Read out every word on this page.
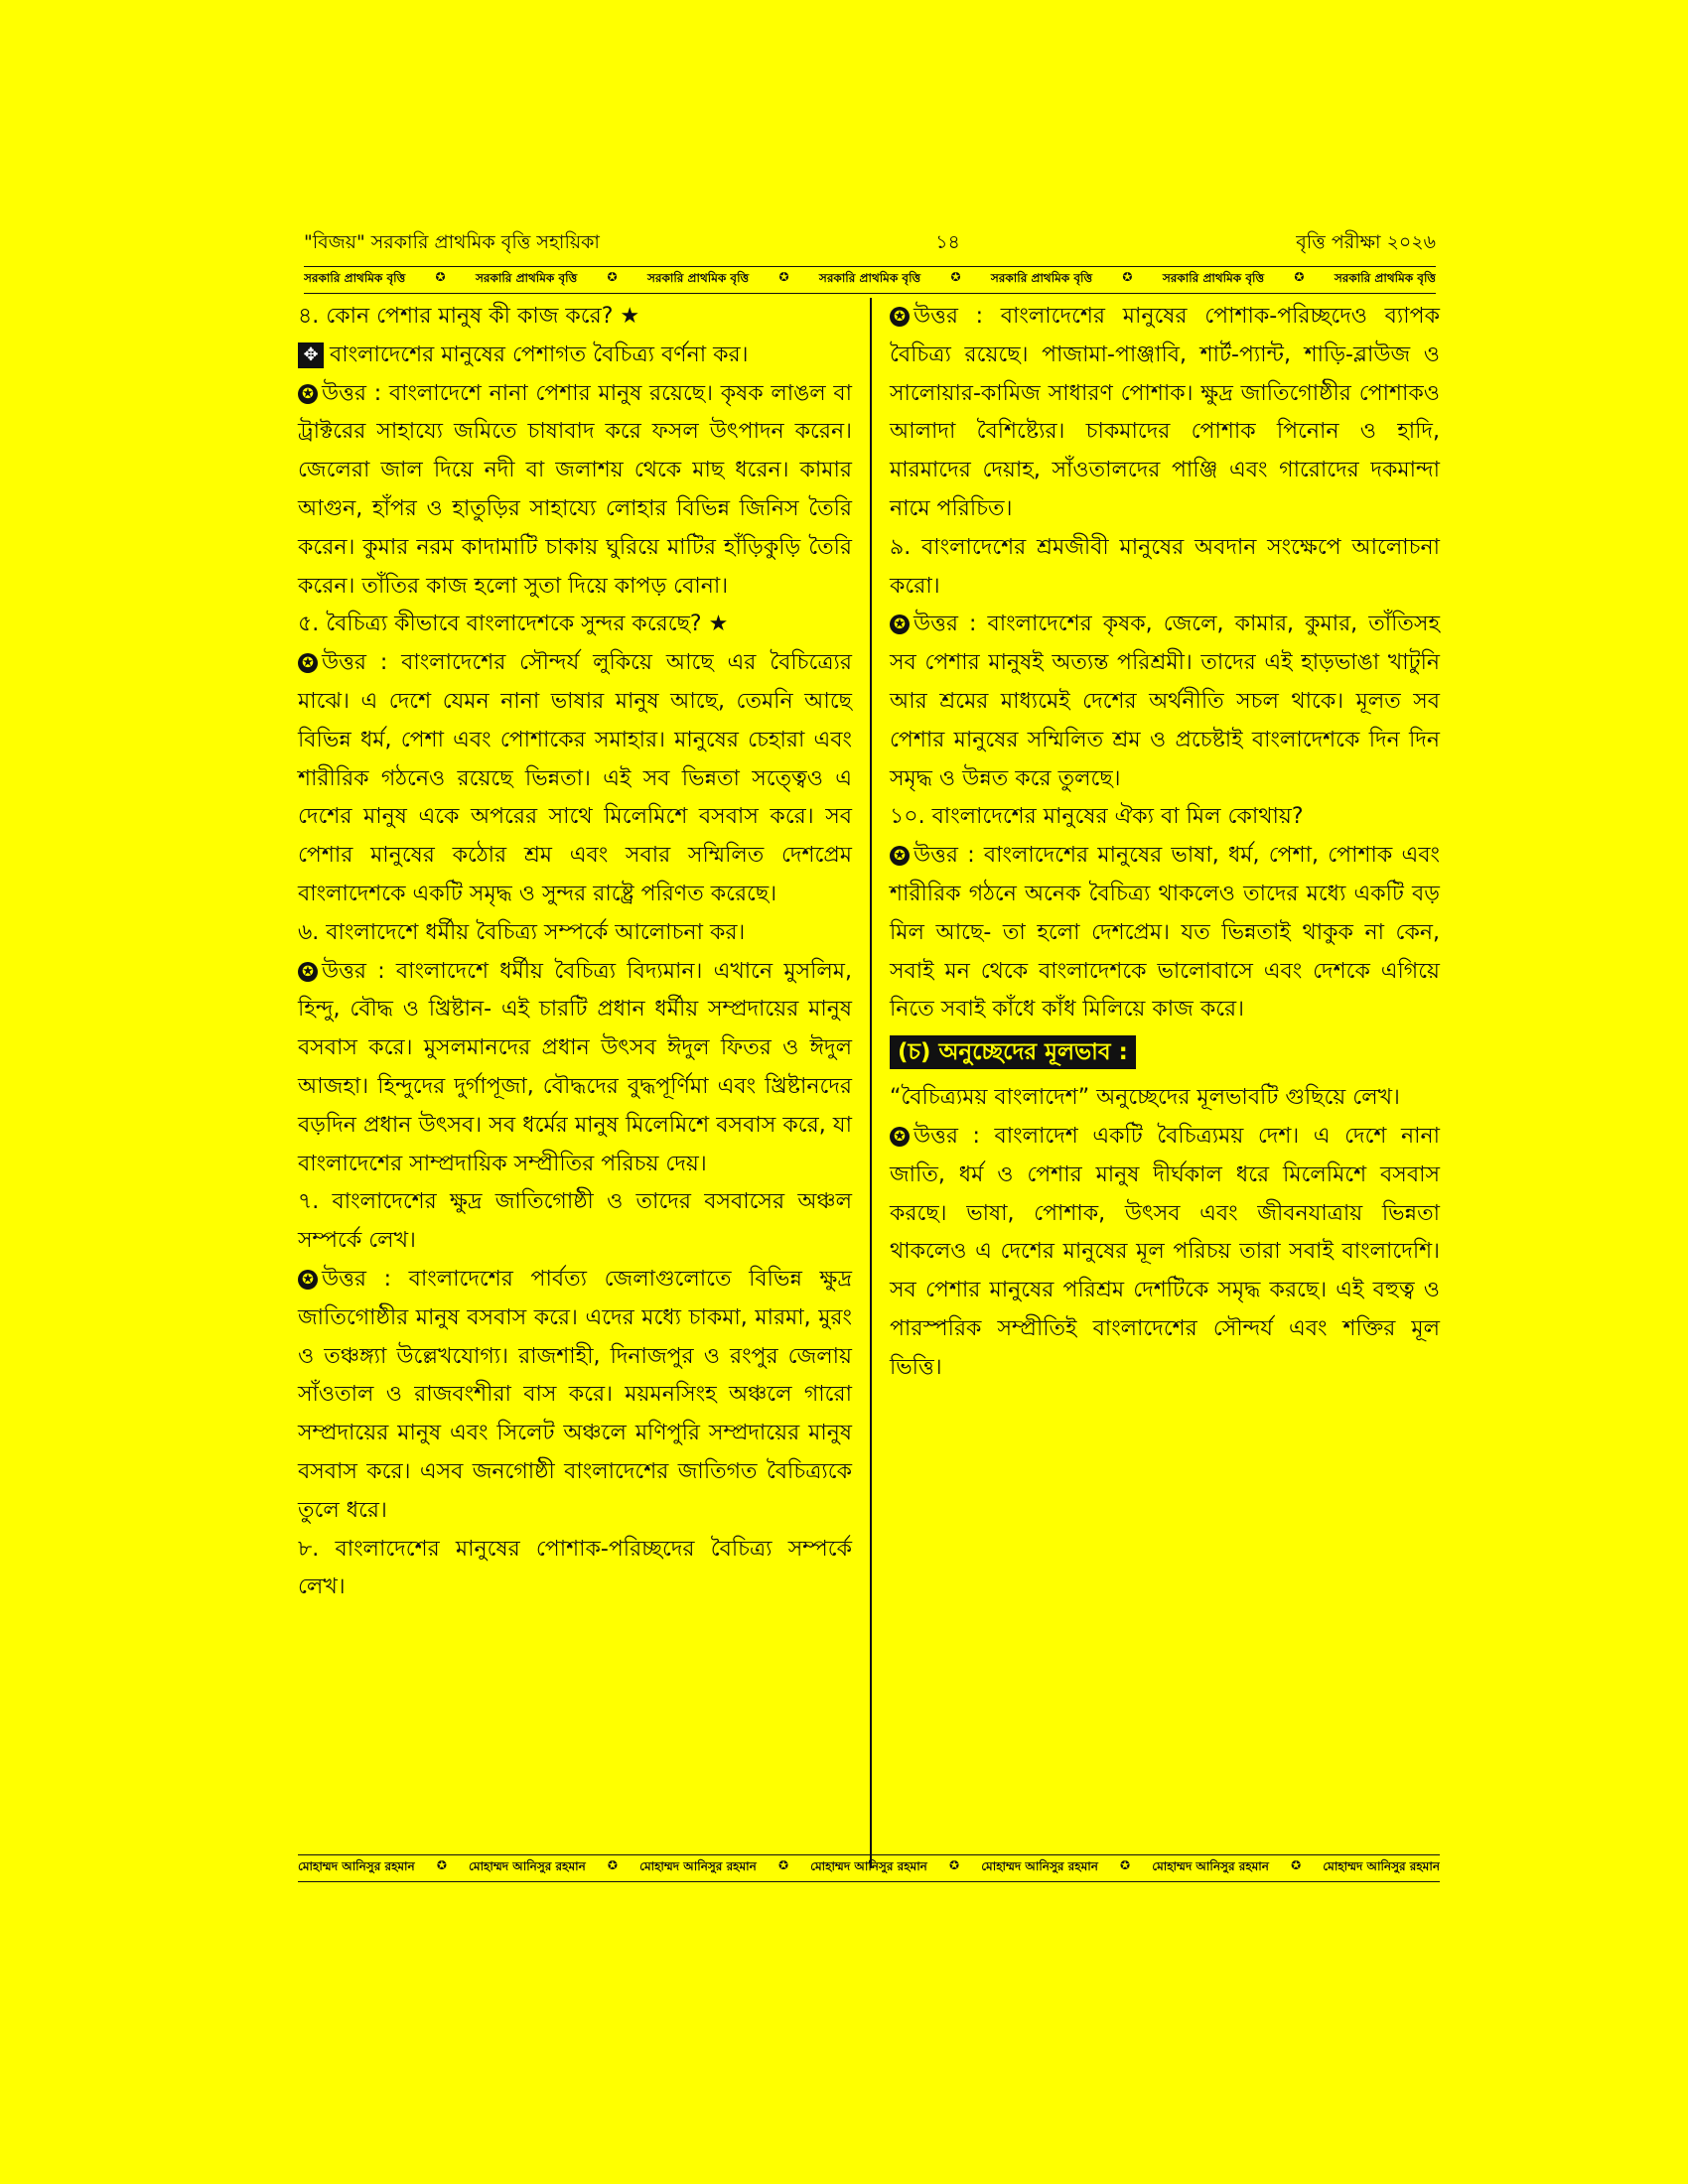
"বিজয়" সরকারি প্রাথমিক বৃত্তি সহায়িকা	১৪	বৃত্তি পরীক্ষা ২০২৬
সরকারি প্রাথমিক বৃত্তি	✪	সরকারি প্রাথমিক বৃত্তি	✪	সরকারি প্রাথমিক বৃত্তি	✪	সরকারি প্রাথমিক বৃত্তি	✪	সরকারি প্রাথমিক বৃত্তি	✪	সরকারি প্রাথমিক বৃত্তি	✪	সরকারি প্রাথমিক বৃত্তি

৪. কোন পেশার মানুষ কী কাজ করে? ★

✥ বাংলাদেশের মানুষের পেশাগত বৈচিত্র্য বর্ণনা কর।

✪ উত্তর : বাংলাদেশে নানা পেশার মানুষ রয়েছে। কৃষক লাঙল বা ট্রাক্টরের সাহায্যে জমিতে চাষাবাদ করে ফসল উৎপাদন করেন। জেলেরা জাল দিয়ে নদী বা জলাশয় থেকে মাছ ধরেন। কামার আগুন, হাঁপর ও হাতুড়ির সাহায্যে লোহার বিভিন্ন জিনিস তৈরি করেন। কুমার নরম কাদামাটি চাকায় ঘুরিয়ে মাটির হাঁড়িকুড়ি তৈরি করেন। তাঁতির কাজ হলো সুতা দিয়ে কাপড় বোনা।

৫. বৈচিত্র্য কীভাবে বাংলাদেশকে সুন্দর করেছে? ★

✪ উত্তর : বাংলাদেশের সৌন্দর্য লুকিয়ে আছে এর বৈচিত্র্যের মাঝে। এ দেশে যেমন নানা ভাষার মানুষ আছে, তেমনি আছে বিভিন্ন ধর্ম, পেশা এবং পোশাকের সমাহার। মানুষের চেহারা এবং শারীরিক গঠনেও রয়েছে ভিন্নতা। এই সব ভিন্নতা সত্ত্বেও এ দেশের মানুষ একে অপরের সাথে মিলেমিশে বসবাস করে। সব পেশার মানুষের কঠোর শ্রম এবং সবার সম্মিলিত দেশপ্রেম বাংলাদেশকে একটি সমৃদ্ধ ও সুন্দর রাষ্ট্রে পরিণত করেছে।

৬. বাংলাদেশে ধর্মীয় বৈচিত্র্য সম্পর্কে আলোচনা কর।

✪ উত্তর : বাংলাদেশে ধর্মীয় বৈচিত্র্য বিদ্যমান। এখানে মুসলিম, হিন্দু, বৌদ্ধ ও খ্রিষ্টান- এই চারটি প্রধান ধর্মীয় সম্প্রদায়ের মানুষ বসবাস করে। মুসলমানদের প্রধান উৎসব ঈদুল ফিতর ও ঈদুল আজহা। হিন্দুদের দুর্গাপূজা, বৌদ্ধদের বুদ্ধপূর্ণিমা এবং খ্রিষ্টানদের বড়দিন প্রধান উৎসব। সব ধর্মের মানুষ মিলেমিশে বসবাস করে, যা বাংলাদেশের সাম্প্রদায়িক সম্প্রীতির পরিচয় দেয়।

৭. বাংলাদেশের ক্ষুদ্র জাতিগোষ্ঠী ও তাদের বসবাসের অঞ্চল সম্পর্কে লেখ।

✪ উত্তর : বাংলাদেশের পার্বত্য জেলাগুলোতে বিভিন্ন ক্ষুদ্র জাতিগোষ্ঠীর মানুষ বসবাস করে। এদের মধ্যে চাকমা, মারমা, মুরং ও তঞ্চঙ্গ্যা উল্লেখযোগ্য। রাজশাহী, দিনাজপুর ও রংপুর জেলায় সাঁওতাল ও রাজবংশীরা বাস করে। ময়মনসিংহ অঞ্চলে গারো সম্প্রদায়ের মানুষ এবং সিলেট অঞ্চলে মণিপুরি সম্প্রদায়ের মানুষ বসবাস করে। এসব জনগোষ্ঠী বাংলাদেশের জাতিগত বৈচিত্র্যকে তুলে ধরে।

৮. বাংলাদেশের মানুষের পোশাক-পরিচ্ছদের বৈচিত্র্য সম্পর্কে লেখ।

✪ উত্তর : বাংলাদেশের মানুষের পোশাক-পরিচ্ছদেও ব্যাপক বৈচিত্র্য রয়েছে। পাজামা-পাঞ্জাবি, শার্ট-প্যান্ট, শাড়ি-ব্লাউজ ও সালোয়ার-কামিজ সাধারণ পোশাক। ক্ষুদ্র জাতিগোষ্ঠীর পোশাকও আলাদা বৈশিষ্ট্যের। চাকমাদের পোশাক পিনোন ও হাদি, মারমাদের দেয়াহ, সাঁওতালদের পাঞ্জি এবং গারোদের দকমান্দা নামে পরিচিত।

৯. বাংলাদেশের শ্রমজীবী মানুষের অবদান সংক্ষেপে আলোচনা করো।

✪ উত্তর : বাংলাদেশের কৃষক, জেলে, কামার, কুমার, তাঁতিসহ সব পেশার মানুষই অত্যন্ত পরিশ্রমী। তাদের এই হাড়ভাঙা খাটুনি আর শ্রমের মাধ্যমেই দেশের অর্থনীতি সচল থাকে। মূলত সব পেশার মানুষের সম্মিলিত শ্রম ও প্রচেষ্টাই বাংলাদেশকে দিন দিন সমৃদ্ধ ও উন্নত করে তুলছে।

১০. বাংলাদেশের মানুষের ঐক্য বা মিল কোথায়?

✪ উত্তর : বাংলাদেশের মানুষের ভাষা, ধর্ম, পেশা, পোশাক এবং শারীরিক গঠনে অনেক বৈচিত্র্য থাকলেও তাদের মধ্যে একটি বড় মিল আছে- তা হলো দেশপ্রেম। যত ভিন্নতাই থাকুক না কেন, সবাই মন থেকে বাংলাদেশকে ভালোবাসে এবং দেশকে এগিয়ে নিতে সবাই কাঁধে কাঁধ মিলিয়ে কাজ করে।

(চ) অনুচ্ছেদের মূলভাব :

“বৈচিত্র্যময় বাংলাদেশ” অনুচ্ছেদের মূলভাবটি গুছিয়ে লেখ।

✪ উত্তর : বাংলাদেশ একটি বৈচিত্র্যময় দেশ। এ দেশে নানা জাতি, ধর্ম ও পেশার মানুষ দীর্ঘকাল ধরে মিলেমিশে বসবাস করছে। ভাষা, পোশাক, উৎসব এবং জীবনযাত্রায় ভিন্নতা থাকলেও এ দেশের মানুষের মূল পরিচয় তারা সবাই বাংলাদেশি। সব পেশার মানুষের পরিশ্রম দেশটিকে সমৃদ্ধ করছে। এই বহুত্ব ও পারস্পরিক সম্প্রীতিই বাংলাদেশের সৌন্দর্য এবং শক্তির মূল ভিত্তি।

মোহাম্মদ আনিসুর রহমান ✪ মোহাম্মদ আনিসুর রহমান ✪ মোহাম্মদ আনিসুর রহমান ✪ মোহাম্মদ আনিসুর রহমান ✪ মোহাম্মদ আনিসুর রহমান ✪ মোহাম্মদ আনিসুর রহমান ✪ মোহাম্মদ আনিসুর রহমান
